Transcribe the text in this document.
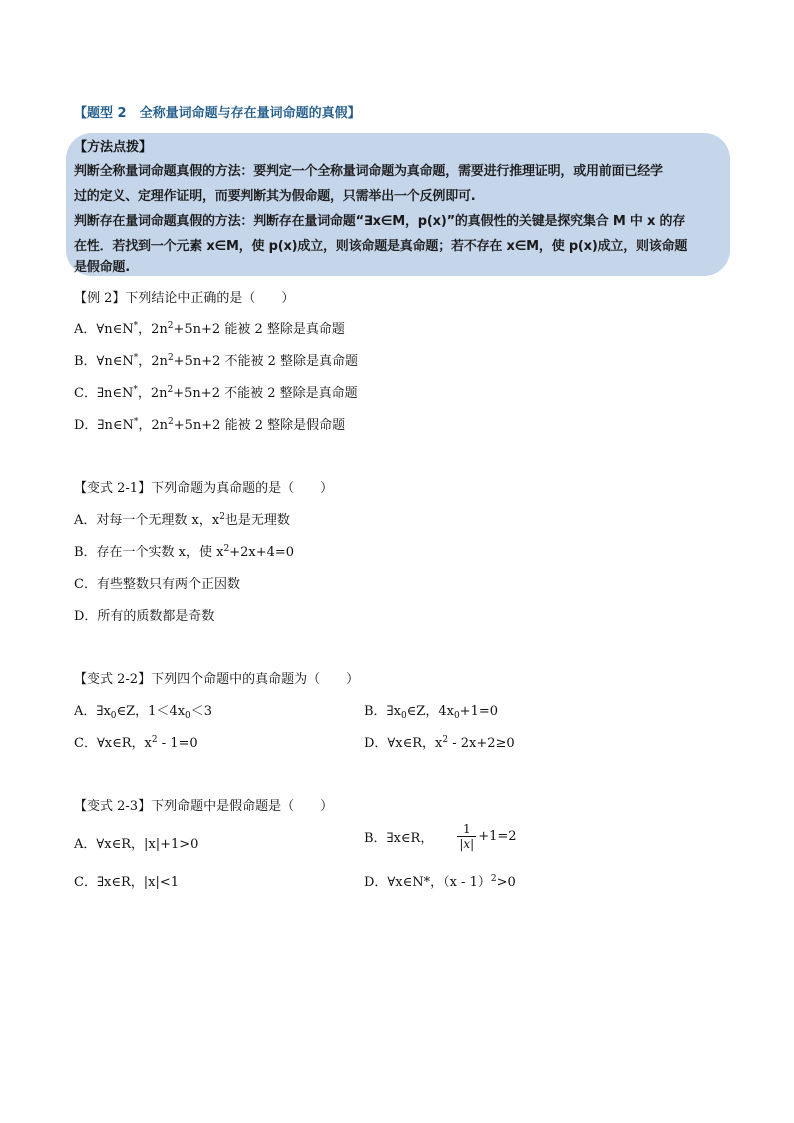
【题型 2　全称量词命题与存在量词命题的真假】
【方法点拨】
判断全称量词命题真假的方法：要判定一个全称量词命题为真命题，需要进行推理证明，或用前面已经学
过的定义、定理作证明，而要判断其为假命题，只需举出一个反例即可.
判断存在量词命题真假的方法：判断存在量词命题“∃x∈M，p(x)”的真假性的关键是探究集合 M 中 x 的存
在性．若找到一个元素 x∈M，使 p(x)成立，则该命题是真命题；若不存在 x∈M，使 p(x)成立，则该命题
是假命题.
【例 2】下列结论中正确的是（　　）
A．∀n∈N*，$2n^2+5n+2$ 能被 2 整除是真命题
B．∀n∈N*，$2n^2+5n+2$ 不能被 2 整除是真命题
C．∃n∈N*，$2n^2+5n+2$ 不能被 2 整除是真命题
D．∃n∈N*，$2n^2+5n+2$ 能被 2 整除是假命题
【变式 2-1】下列命题为真命题的是（　　）
A．对每一个无理数 x，$x^2$也是无理数
B．存在一个实数 x，使 $x^2+2x+4=0$
C．有些整数只有两个正因数
D．所有的质数都是奇数
【变式 2-2】下列四个命题中的真命题为（　　）
A．$\exists x_0\in Z$，$1<4x_0<3$	B．$\exists x_0\in Z$，$4x_0+1=0$
C．∀x∈R，$x^2 - 1=0$	D．∀x∈R，$x^2 - 2x+2\ge 0$
【变式 2-3】下列命题中是假命题是（　　）
A．∀x∈R，|x|+1>0	B．∃x∈R， $\frac{1}{|x|} +1=2$
C．∃x∈R，|x|<1	D．∀x∈N*，（x - 1）$^2$>0
